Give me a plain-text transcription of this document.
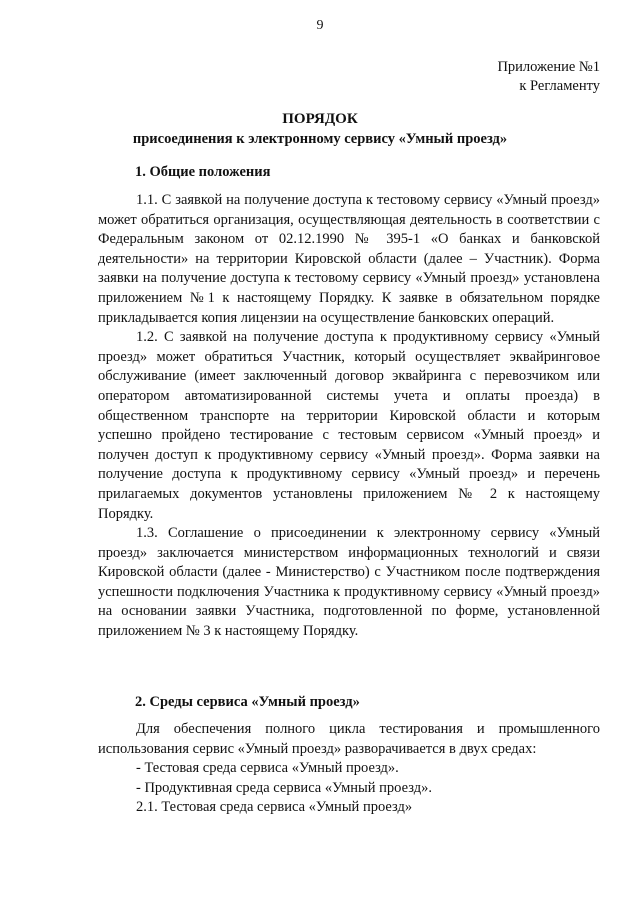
9
Приложение №1
к Регламенту
ПОРЯДОК
присоединения к электронному сервису «Умный проезд»
1. Общие положения

1.1. С заявкой на получение доступа к тестовому сервису «Умный проезд» может обратиться организация, осуществляющая деятельность в соответствии с Федеральным законом от 02.12.1990 № 395-1 «О банках и банковской деятельности» на территории Кировской области (далее – Участник). Форма заявки на получение доступа к тестовому сервису «Умный проезд» установлена приложением №1 к настоящему Порядку. К заявке в обязательном порядке прикладывается копия лицензии на осуществление банковских операций.

1.2. С заявкой на получение доступа к продуктивному сервису «Умный проезд» может обратиться Участник, который осуществляет эквайринговое обслуживание (имеет заключенный договор эквайринга с перевозчиком или оператором автоматизированной системы учета и оплаты проезда) в общественном транспорте на территории Кировской области и которым успешно пройдено тестирование с тестовым сервисом «Умный проезд» и получен доступ к продуктивному сервису «Умный проезд». Форма заявки на получение доступа к продуктивному сервису «Умный проезд» и перечень прилагаемых документов установлены приложением № 2 к настоящему Порядку.

1.3. Соглашение о присоединении к электронному сервису «Умный проезд» заключается министерством информационных технологий и связи Кировской области (далее - Министерство) с Участником после подтверждения успешности подключения Участника к продуктивному сервису «Умный проезд» на основании заявки Участника, подготовленной по форме, установленной приложением № 3 к настоящему Порядку.

2. Среды сервиса «Умный проезд»

Для обеспечения полного цикла тестирования и промышленного использования сервис «Умный проезд» разворачивается в двух средах:

- Тестовая среда сервиса «Умный проезд».

- Продуктивная среда сервиса «Умный проезд».

2.1. Тестовая среда сервиса «Умный проезд»
